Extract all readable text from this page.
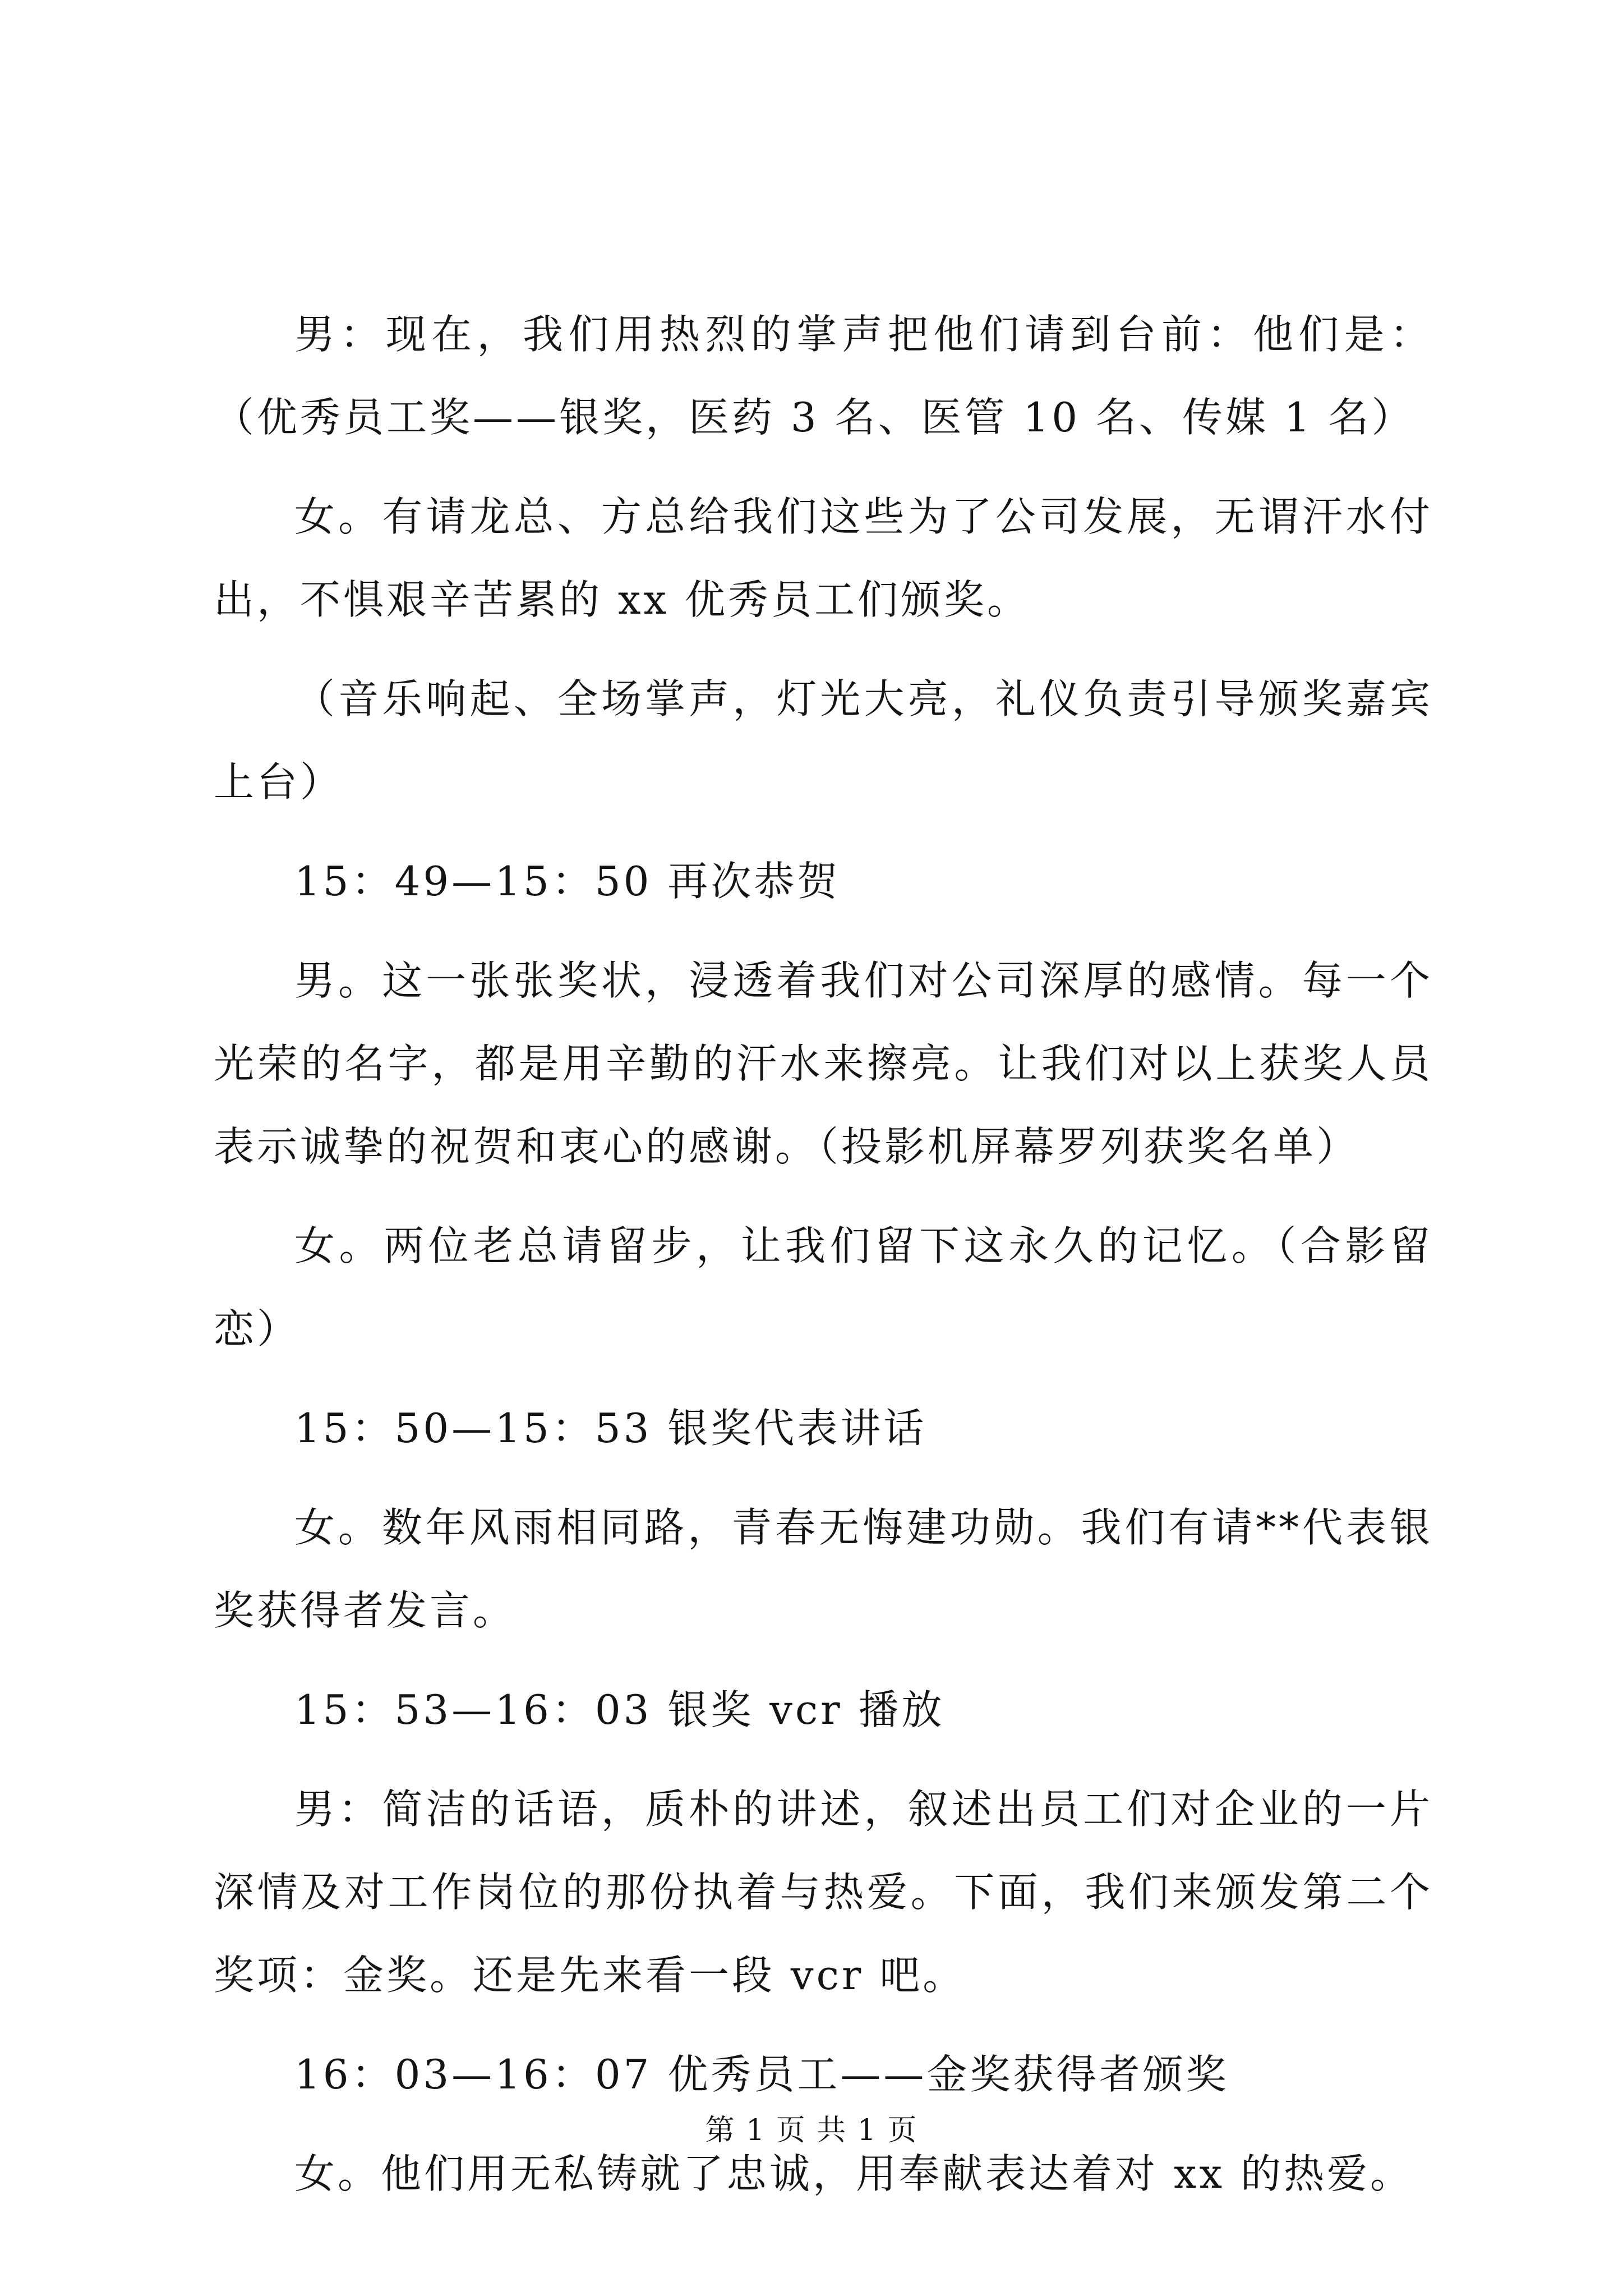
男：现在，我们用热烈的掌声把他们请到台前：他们是：（优秀员工奖——银奖，医药 3 名、医管 10 名、传媒 1 名）

女。有请龙总、方总给我们这些为了公司发展，无谓汗水付出，不惧艰辛苦累的 xx 优秀员工们颁奖。

（音乐响起、全场掌声，灯光大亮，礼仪负责引导颁奖嘉宾上台）

15：49—15：50 再次恭贺

男。这一张张奖状，浸透着我们对公司深厚的感情。每一个光荣的名字，都是用辛勤的汗水来擦亮。让我们对以上获奖人员表示诚挚的祝贺和衷心的感谢。（投影机屏幕罗列获奖名单）

女。两位老总请留步，让我们留下这永久的记忆。（合影留恋）

15：50—15：53 银奖代表讲话

女。数年风雨相同路，青春无悔建功勋。我们有请**代表银奖获得者发言。

15：53—16：03 银奖 vcr 播放

男：简洁的话语，质朴的讲述，叙述出员工们对企业的一片深情及对工作岗位的那份执着与热爱。下面，我们来颁发第二个奖项：金奖。还是先来看一段 vcr 吧。

16：03—16：07 优秀员工——金奖获得者颁奖

女。他们用无私铸就了忠诚，用奉献表达着对 xx 的热爱。

第 1 页 共 1 页
